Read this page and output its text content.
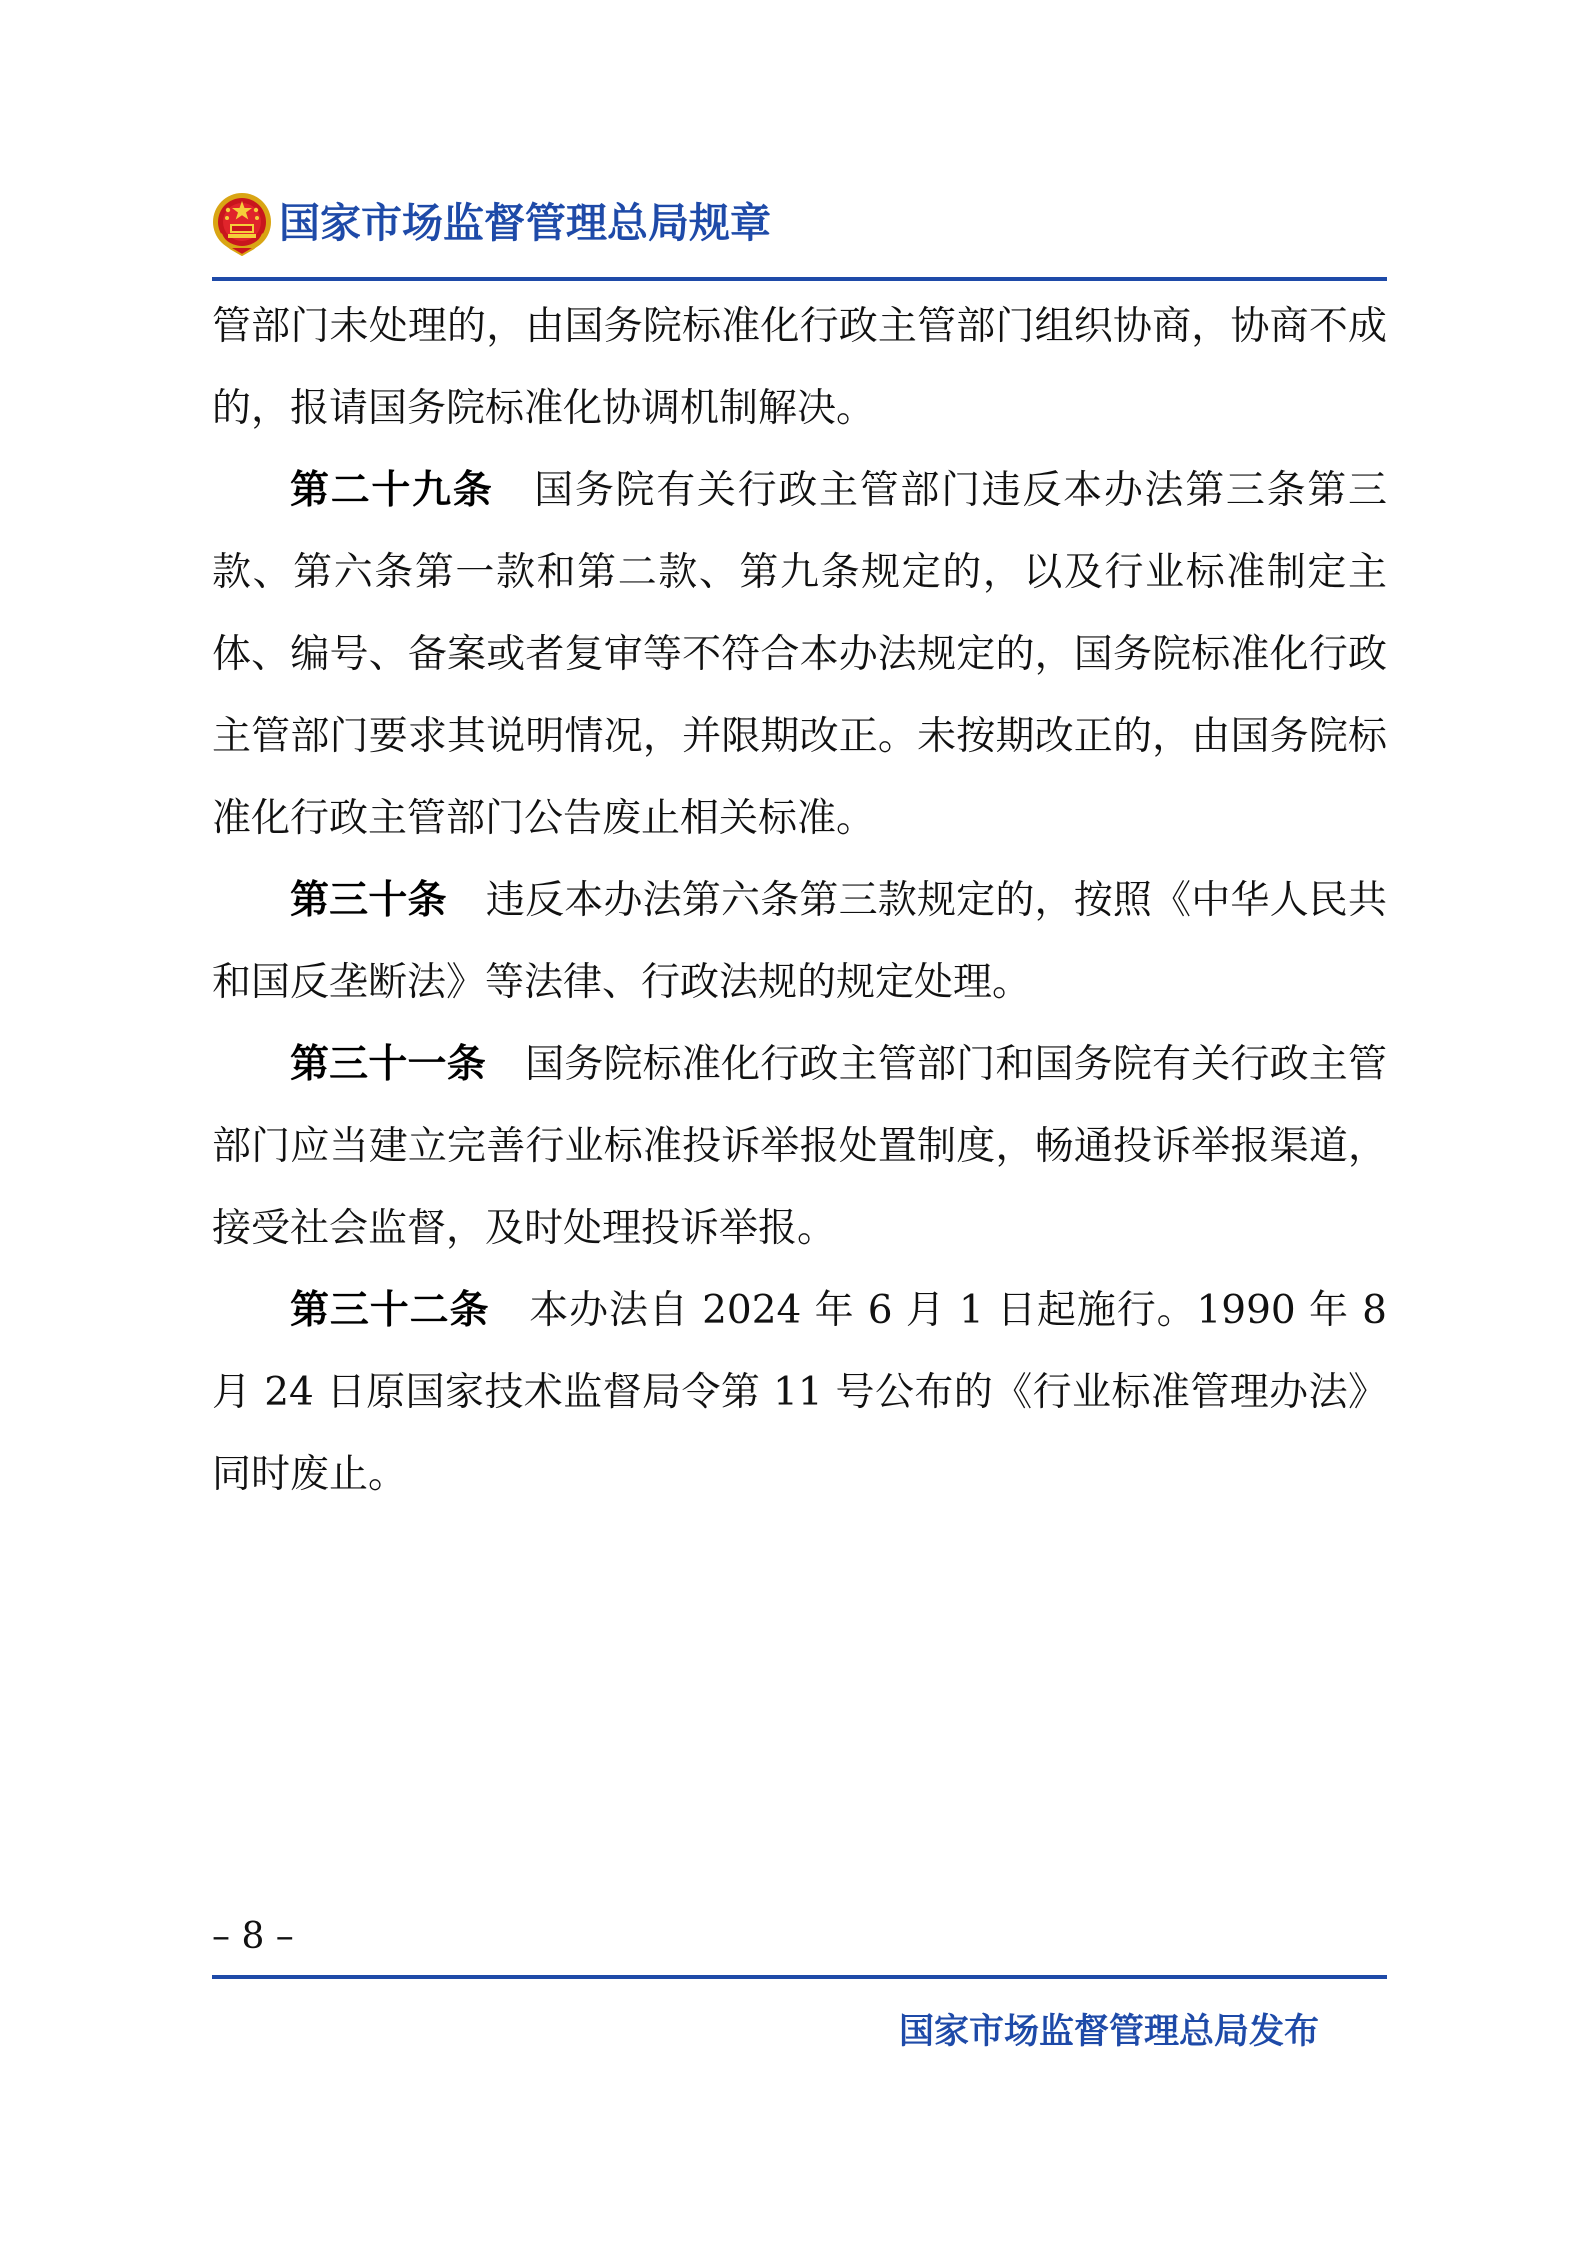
国家市场监督管理总局规章

管部门未处理的，由国务院标准化行政主管部门组织协商，协商不成的，报请国务院标准化协调机制解决。

第二十九条 国务院有关行政主管部门违反本办法第三条第三款、第六条第一款和第二款、第九条规定的，以及行业标准制定主体、编号、备案或者复审等不符合本办法规定的，国务院标准化行政主管部门要求其说明情况，并限期改正。未按期改正的，由国务院标准化行政主管部门公告废止相关标准。

第三十条 违反本办法第六条第三款规定的，按照《中华人民共和国反垄断法》等法律、行政法规的规定处理。

第三十一条 国务院标准化行政主管部门和国务院有关行政主管部门应当建立完善行业标准投诉举报处置制度，畅通投诉举报渠道，接受社会监督，及时处理投诉举报。

第三十二条 本办法自 2024 年 6 月 1 日起施行。1990 年 8 月 24 日原国家技术监督局令第 11 号公布的《行业标准管理办法》同时废止。

– 8 –
国家市场监督管理总局发布
